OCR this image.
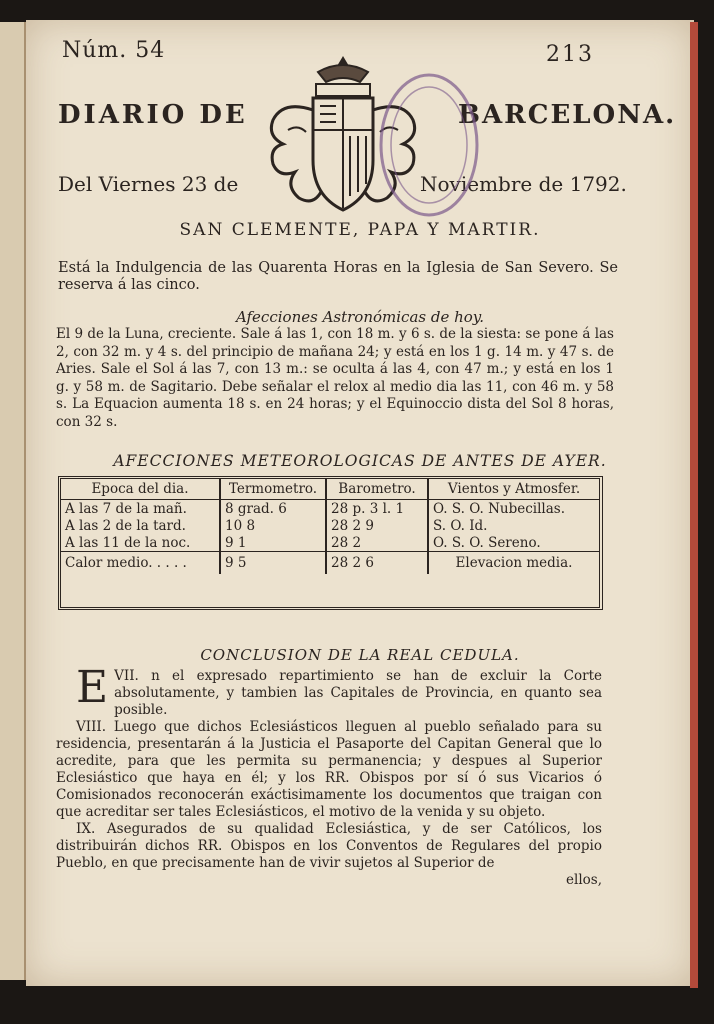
Núm. 54	213
DIARIO DE	BARCELONA.
Del Viernes 23 de	Noviembre de 1792.
SAN CLEMENTE, PAPA Y MARTIR.
Está la Indulgencia de las Quarenta Horas en la Iglesia de San Severo. Se reserva á las cinco.
Afecciones Astronómicas de hoy.
El 9 de la Luna, creciente. Sale á las 1, con 18 m. y 6 s. de la siesta: se pone á las 2, con 32 m. y 4 s. del principio de mañana 24; y está en los 1 g. 14 m. y 47 s. de Aries. Sale el Sol á las 7, con 13 m.: se oculta á las 4, con 47 m.; y está en los 1 g. y 58 m. de Sagitario. Debe señalar el relox al medio dia las 11, con 46 m. y 58 s. La Equacion aumenta 18 s. en 24 horas; y el Equinoccio dista del Sol 8 horas, con 32 s.
AFECCIONES METEOROLOGICAS DE ANTES DE AYER.
Epoca del dia.	Termometro.	Barometro.	Vientos y Atmosfer.
A las 7 de la mañ.	8 grad. 6	28 p. 3 l. 1	O. S. O. Nubecillas.
A las 2 de la tard.	10 8	28 2 9	S. O. Id.
A las 11 de la noc.	9 1	28 2	O. S. O. Sereno.
Calor medio. . . . .	9 5	28 2 6	Elevacion media.
CONCLUSION DE LA REAL CEDULA.

VII.
E	n el expresado repartimiento se han de excluir la Corte absolutamente, y tambien las Capitales de Provincia, en quanto sea posible.

VIII. Luego que dichos Eclesiásticos lleguen al pueblo señalado para su residencia, presentarán á la Justicia el Pasaporte del Capitan General que lo acredite, para que les permita su permanencia; y despues al Superior Eclesiástico que haya en él; y los RR. Obispos por sí ó sus Vicarios ó Comisionados reconocerán exáctisimamente los documentos que traigan con que acreditar ser tales Eclesiásticos, el motivo de la venida y su objeto.

IX. Asegurados de su qualidad Eclesiástica, y de ser Católicos, los distribuirán dichos RR. Obispos en los Conventos de Regulares del propio Pueblo, en que precisamente han de vivir sujetos al Superior de

ellos,
